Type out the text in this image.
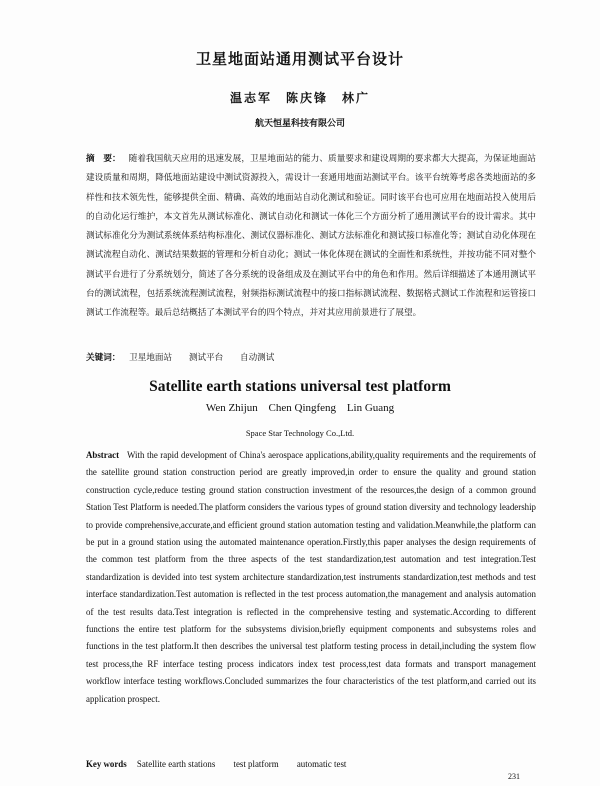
卫星地面站通用测试平台设计
温志军　陈庆锋　林广
航天恒星科技有限公司
摘　要： 随着我国航天应用的迅速发展，卫星地面站的能力、质量要求和建设周期的要求都大大提高，为保证地面站建设质量和周期，降低地面站建设中测试资源投入，需设计一套通用地面站测试平台。该平台统筹考虑各类地面站的多样性和技术领先性，能够提供全面、精确、高效的地面站自动化测试和验证。同时该平台也可应用在地面站投入使用后的自动化运行维护，本文首先从测试标准化、测试自动化和测试一体化三个方面分析了通用测试平台的设计需求。其中测试标准化分为测试系统体系结构标准化、测试仪器标准化、测试方法标准化和测试接口标准化等；测试自动化体现在测试流程自动化、测试结果数据的管理和分析自动化；测试一体化体现在测试的全面性和系统性，并按功能不同对整个测试平台进行了分系统划分，简述了各分系统的设备组成及在测试平台中的角色和作用。然后详细描述了本通用测试平台的测试流程，包括系统流程测试流程，射频指标测试流程中的接口指标测试流程、数据格式测试工作流程和运管接口测试工作流程等。最后总结概括了本测试平台的四个特点，并对其应用前景进行了展望。
关键词： 卫星地面站 测试平台 自动测试
Satellite earth stations universal test platform
Wen Zhijun Chen Qingfeng Lin Guang
Space Star Technology Co.,Ltd.
Abstract With the rapid development of China's aerospace applications,ability,quality requirements and the requirements of the satellite ground station construction period are greatly improved,in order to ensure the quality and ground station construction cycle,reduce testing ground station construction investment of the resources,the design of a common ground Station Test Platform is needed.The platform considers the various types of ground station diversity and technology leadership to provide comprehensive,accurate,and efficient ground station automation testing and validation.Meanwhile,the platform can be put in a ground station using the automated maintenance operation.Firstly,this paper analyses the design requirements of the common test platform from the three aspects of the test standardization,test automation and test integration.Test standardization is devided into test system architecture standardization,test instruments standardization,test methods and test interface standardization.Test automation is reflected in the test process automation,the management and analysis automation of the test results data.Test integration is reflected in the comprehensive testing and systematic.According to different functions the entire test platform for the subsystems division,briefly equipment components and subsystems roles and functions in the test platform.It then describes the universal test platform testing process in detail,including the system flow test process,the RF interface testing process indicators index test process,test data formats and transport management workflow interface testing workflows.Concluded summarizes the four characteristics of the test platform,and carried out its application prospect.
Key words Satellite earth stations test platform automatic test
231
